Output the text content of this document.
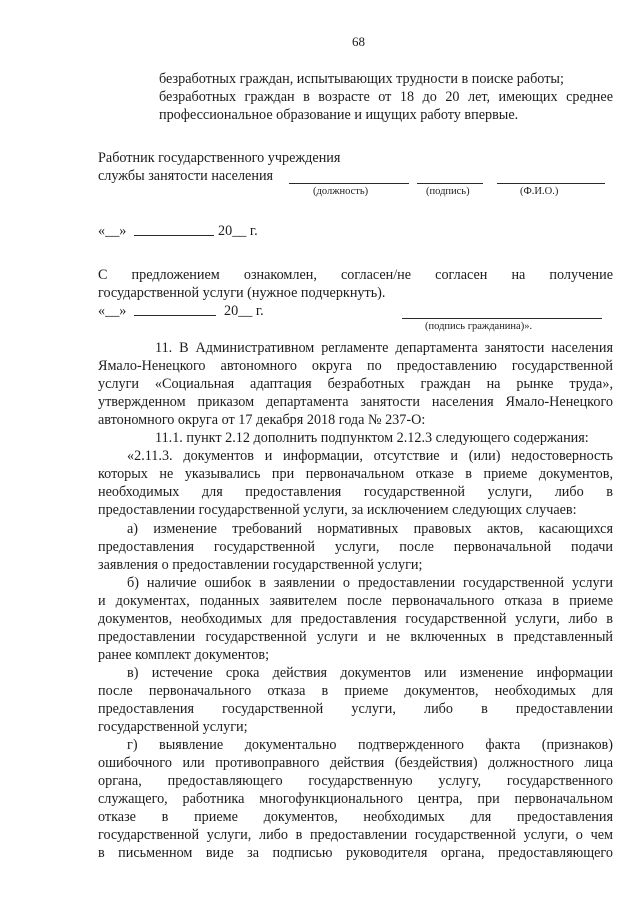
68
безработных граждан, испытывающих трудности в поиске работы;
безработных граждан в возрасте от 18 до 20 лет, имеющих среднее
профессиональное образование и ищущих работу впервые.
Работник государственного учреждения
службы занятости населения
(должность)	(подпись)	(Ф.И.О.)
«__»	20__ г.
С предложением ознакомлен, согласен/не согласен на получение
государственной услуги (нужное подчеркнуть).
«__»	20__ г.
(подпись гражданина)».
11. В Административном регламенте департамента занятости населения
Ямало-Ненецкого автономного округа по предоставлению государственной
услуги «Социальная адаптация безработных граждан на рынке труда»,
утвержденном приказом департамента занятости населения Ямало-Ненецкого
автономного округа от 17 декабря 2018 года № 237-О:
11.1. пункт 2.12 дополнить подпунктом 2.12.3 следующего содержания:
«2.11.3. документов и информации, отсутствие и (или) недостоверность
которых не указывались при первоначальном отказе в приеме документов,
необходимых для предоставления государственной услуги, либо в
предоставлении государственной услуги, за исключением следующих случаев:
а) изменение требований нормативных правовых актов, касающихся
предоставления государственной услуги, после первоначальной подачи
заявления о предоставлении государственной услуги;
б) наличие ошибок в заявлении о предоставлении государственной услуги
и документах, поданных заявителем после первоначального отказа в приеме
документов, необходимых для предоставления государственной услуги, либо в
предоставлении государственной услуги и не включенных в представленный
ранее комплект документов;
в) истечение срока действия документов или изменение информации
после первоначального отказа в приеме документов, необходимых для
предоставления государственной услуги, либо в предоставлении
государственной услуги;
г) выявление документально подтвержденного факта (признаков)
ошибочного или противоправного действия (бездействия) должностного лица
органа, предоставляющего государственную услугу, государственного
служащего, работника многофункционального центра, при первоначальном
отказе в приеме документов, необходимых для предоставления
государственной услуги, либо в предоставлении государственной услуги, о чем
в письменном виде за подписью руководителя органа, предоставляющего
